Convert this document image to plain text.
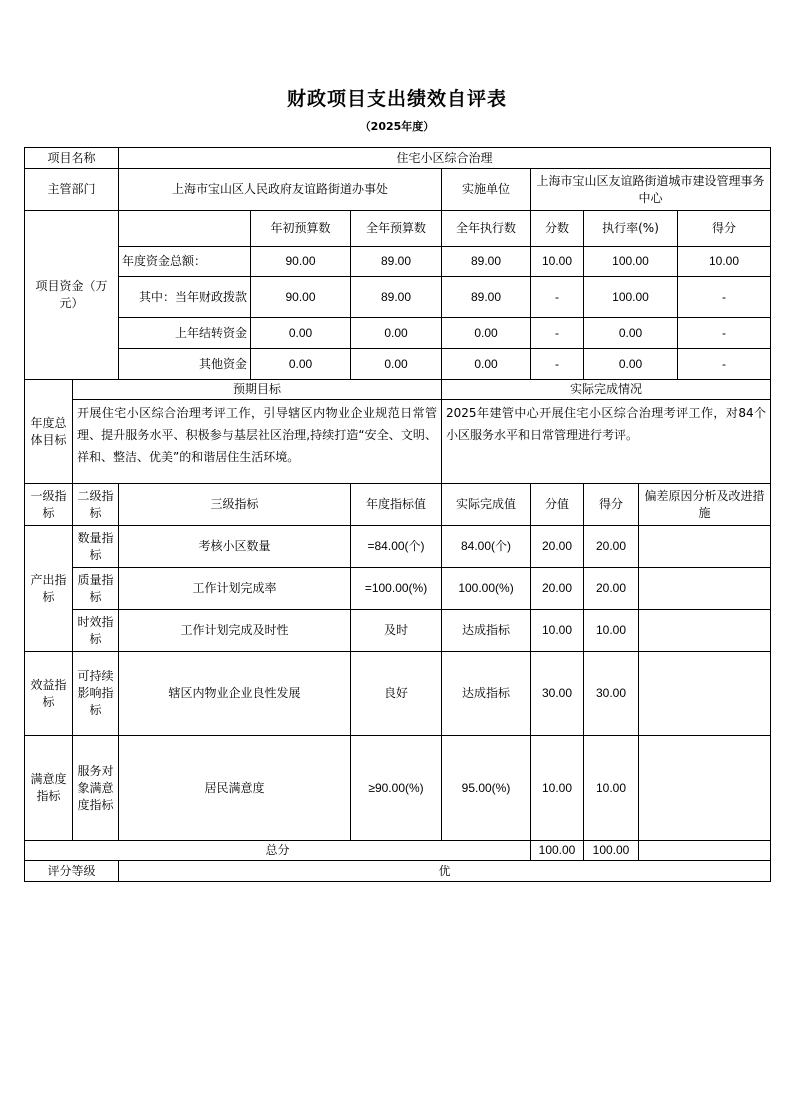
财政项目支出绩效自评表
（2025年度）
项目名称		住宅小区综合治理							
主管部门		上海市宝山区人民政府友谊路街道办事处			实施单位	上海市宝山区友谊路街道城市建设管理事务中心			
项目资金（万元）			年初预算数	全年预算数	全年执行数	分数	执行率(%)		得分
		年度资金总额：	90.00	89.00	89.00	10.00	100.00		10.00
		其中：当年财政拨款	90.00	89.00	89.00	-	100.00		-
		上年结转资金	0.00	0.00	0.00	-	0.00		-
		其他资金	0.00	0.00	0.00	-	0.00		-
年度总体目标	预期目标				实际完成情况				
	开展住宅小区综合治理考评工作，引导辖区内物业企业规范日常管理、提升服务水平、积极参与基层社区治理,持续打造“安全、文明、祥和、整洁、优美”的和谐居住生活环境。				2025年建管中心开展住宅小区综合治理考评工作，对84个小区服务水平和日常管理进行考评。				
一级指标	二级指标	三级指标		年度指标值	实际完成值	分值	得分	偏差原因分析及改进措施	
产出指标	数量指标	考核小区数量		=84.00(个)	84.00(个)	20.00	20.00		
	质量指标	工作计划完成率		=100.00(%)	100.00(%)	20.00	20.00		
	时效指标	工作计划完成及时性		及时	达成指标	10.00	10.00		
效益指标	可持续影响指标	辖区内物业企业良性发展		良好	达成指标	30.00	30.00		
满意度指标	服务对象满意度指标	居民满意度		≥90.00(%)	95.00(%)	10.00	10.00		
总分						100.00	100.00		
评分等级		优							
